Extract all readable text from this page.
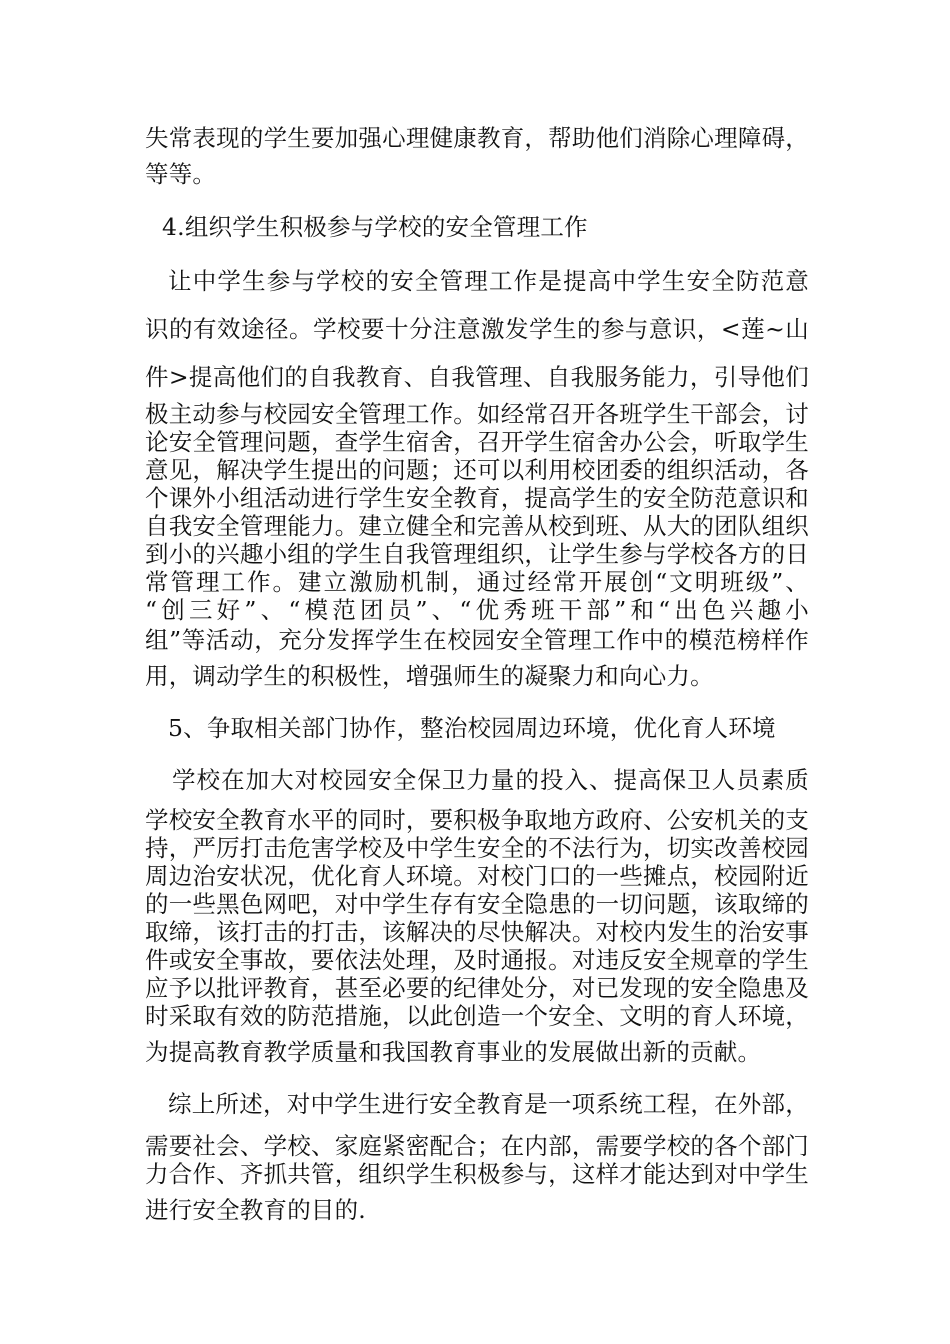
失常表现的学生要加强心理健康教育，帮助他们消除心理障碍，
等等。
4.组织学生积极参与学校的安全管理工作
让中学生参与学校的安全管理工作是提高中学生安全防范意
识的有效途径。学校要十分注意激发学生的参与意识，<莲~山
件>提高他们的自我教育、自我管理、自我服务能力，引导他们
极主动参与校园安全管理工作。如经常召开各班学生干部会，讨
论安全管理问题，查学生宿舍，召开学生宿舍办公会，听取学生
意见，解决学生提出的问题；还可以利用校团委的组织活动，各
个课外小组活动进行学生安全教育，提高学生的安全防范意识和
自我安全管理能力。建立健全和完善从校到班、从大的团队组织
到小的兴趣小组的学生自我管理组织，让学生参与学校各方的日
常管理工作。建立激励机制，通过经常开展创“文明班级”、
“创三好”、“模范团员”、“优秀班干部”和“出色兴趣小
组”等活动，充分发挥学生在校园安全管理工作中的模范榜样作
用，调动学生的积极性，增强师生的凝聚力和向心力。
5、争取相关部门协作，整治校园周边环境，优化育人环境
学校在加大对校园安全保卫力量的投入、提高保卫人员素质
学校安全教育水平的同时，要积极争取地方政府、公安机关的支
持，严厉打击危害学校及中学生安全的不法行为，切实改善校园
周边治安状况，优化育人环境。对校门口的一些摊点，校园附近
的一些黑色网吧，对中学生存有安全隐患的一切问题，该取缔的
取缔，该打击的打击，该解决的尽快解决。对校内发生的治安事
件或安全事故，要依法处理，及时通报。对违反安全规章的学生
应予以批评教育，甚至必要的纪律处分，对已发现的安全隐患及
时采取有效的防范措施，以此创造一个安全、文明的育人环境，
为提高教育教学质量和我国教育事业的发展做出新的贡献。
综上所述，对中学生进行安全教育是一项系统工程，在外部，
需要社会、学校、家庭紧密配合；在内部，需要学校的各个部门
力合作、齐抓共管，组织学生积极参与，这样才能达到对中学生
进行安全教育的目的.
